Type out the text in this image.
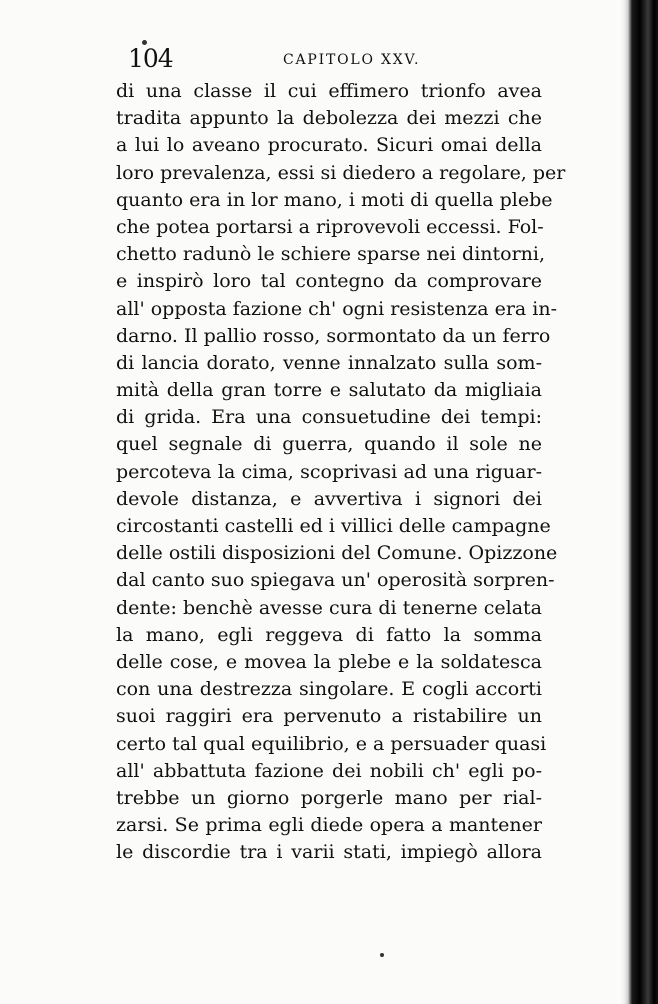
104	CAPITOLO XXV.
di una classe il cui effimero trionfo avea
tradita appunto la debolezza dei mezzi che
a lui lo aveano procurato. Sicuri omai della
loro prevalenza, essi si diedero a regolare, per
quanto era in lor mano, i moti di quella plebe
che potea portarsi a riprovevoli eccessi. Fol-
chetto radunò le schiere sparse nei dintorni,
e inspirò loro tal contegno da comprovare
all' opposta fazione ch' ogni resistenza era in-
darno. Il pallio rosso, sormontato da un ferro
di lancia dorato, venne innalzato sulla som-
mità della gran torre e salutato da migliaia
di grida. Era una consuetudine dei tempi:
quel segnale di guerra, quando il sole ne
percoteva la cima, scoprivasi ad una riguar-
devole distanza, e avvertiva i signori dei
circostanti castelli ed i villici delle campagne
delle ostili disposizioni del Comune. Opizzone
dal canto suo spiegava un' operosità sorpren-
dente: benchè avesse cura di tenerne celata
la mano, egli reggeva di fatto la somma
delle cose, e movea la plebe e la soldatesca
con una destrezza singolare. E cogli accorti
suoi raggiri era pervenuto a ristabilire un
certo tal qual equilibrio, e a persuader quasi
all' abbattuta fazione dei nobili ch' egli po-
trebbe un giorno porgerle mano per rial-
zarsi. Se prima egli diede opera a mantener
le discordie tra i varii stati, impiegò allora
